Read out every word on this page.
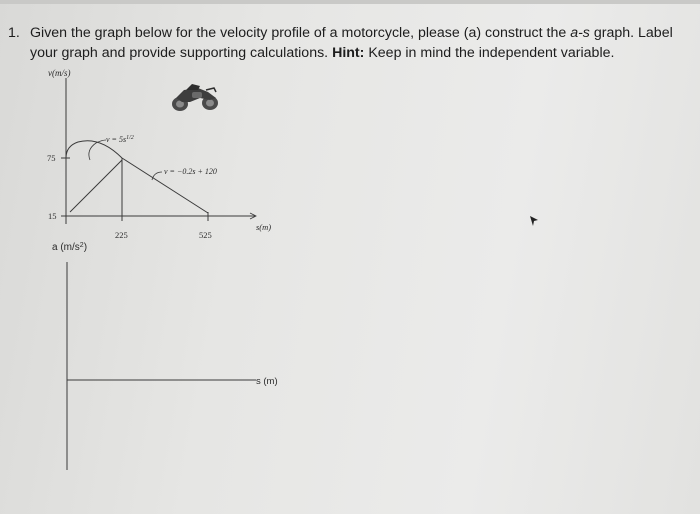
1. Given the graph below for the velocity profile of a motorcycle, please (a) construct the a-s graph. Label
your graph and provide supporting calculations. Hint: Keep in mind the independent variable.
v(m/s)
75
15
225	525
s(m)
$v = 5s^{1/2}$
v = −0.2s + 120
a $(m/s^2)$
s (m)
